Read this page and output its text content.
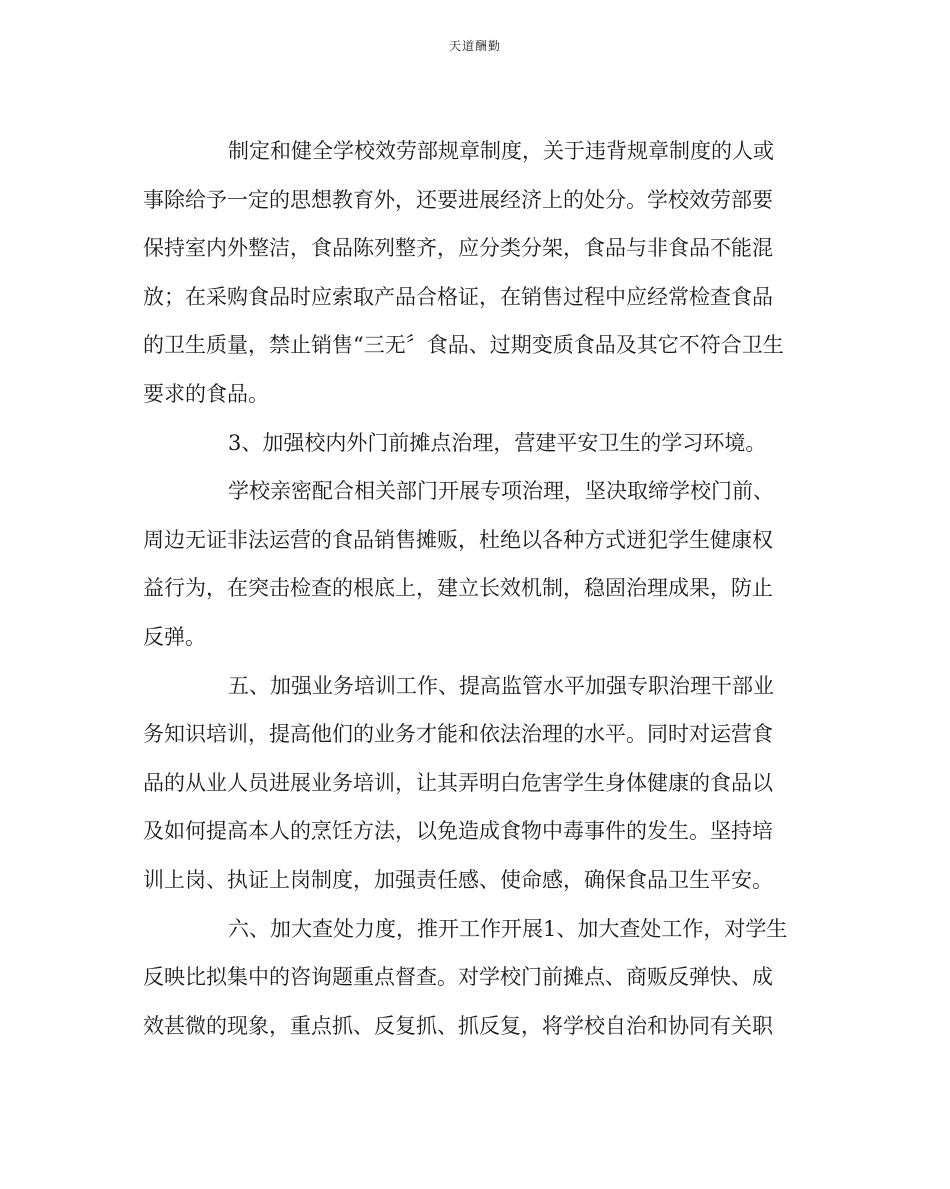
天道酬勤
制定和健全学校效劳部规章制度，关于违背规章制度的人或
事除给予一定的思想教育外，还要进展经济上的处分。学校效劳部要
保持室内外整洁，食品陈列整齐，应分类分架，食品与非食品不能混
放；在采购食品时应索取产品合格证，在销售过程中应经常检查食品
的卫生质量，禁止销售“三无〞食品、过期变质食品及其它不符合卫生
要求的食品。
3、加强校内外门前摊点治理，营建平安卫生的学习环境。
学校亲密配合相关部门开展专项治理，坚决取缔学校门前、
周边无证非法运营的食品销售摊贩，杜绝以各种方式迸犯学生健康权
益行为，在突击检查的根底上，建立长效机制，稳固治理成果，防止
反弹。
五、加强业务培训工作、提高监管水平加强专职治理干部业
务知识培训，提高他们的业务才能和依法治理的水平。同时对运营食
品的从业人员进展业务培训，让其弄明白危害学生身体健康的食品以
及如何提高本人的烹饪方法，以免造成食物中毒事件的发生。坚持培
训上岗、执证上岗制度，加强责任感、使命感，确保食品卫生平安。
六、加大查处力度，推开工作开展1、加大查处工作，对学生
反映比拟集中的咨询题重点督查。对学校门前摊点、商贩反弹快、成
效甚微的现象，重点抓、反复抓、抓反复，将学校自治和协同有关职
